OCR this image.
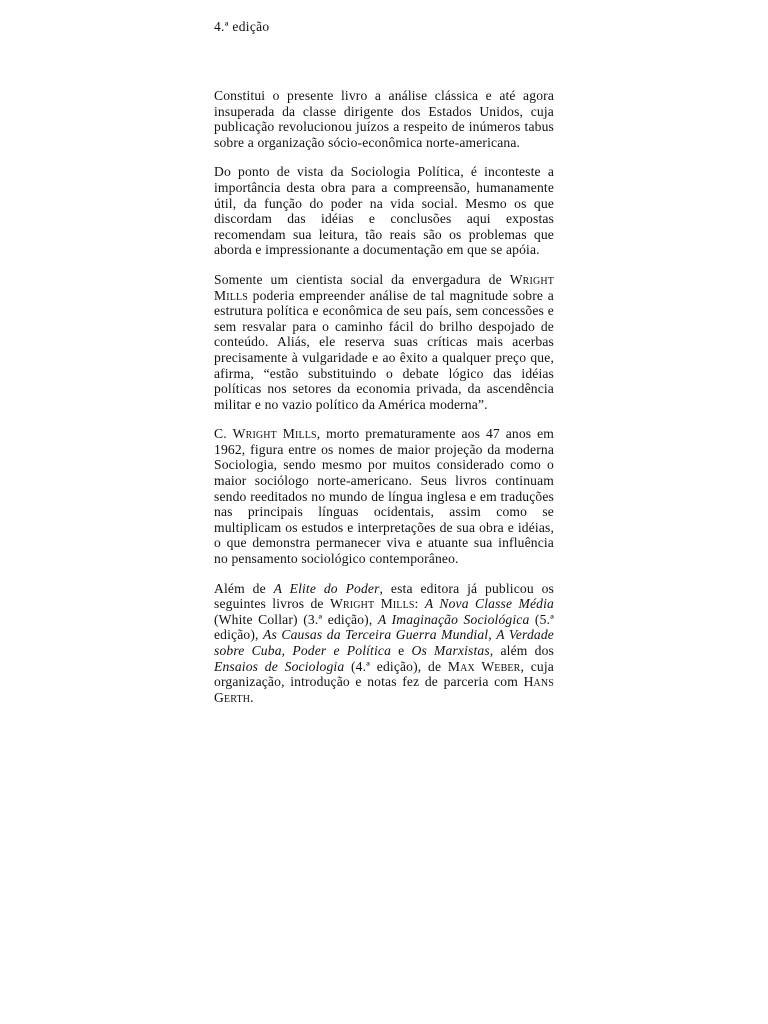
4.ª edição

Constitui o presente livro a análise clássica e até agora insuperada da classe dirigente dos Estados Unidos, cuja publicação revolucionou juízos a respeito de inúmeros tabus sobre a organização sócio-econômica norte-americana.

Do ponto de vista da Sociologia Política, é inconteste a importância desta obra para a compreensão, humanamente útil, da função do poder na vida social. Mesmo os que discordam das idéias e conclusões aqui expostas recomendam sua leitura, tão reais são os problemas que aborda e impressionante a documentação em que se apóia.

Somente um cientista social da envergadura de Wright Mills poderia empreender análise de tal magnitude sobre a estrutura política e econômica de seu país, sem concessões e sem resvalar para o caminho fácil do brilho despojado de conteúdo. Aliás, ele reserva suas críticas mais acerbas precisamente à vulgaridade e ao êxito a qualquer preço que, afirma, “estão substituindo o debate lógico das idéias políticas nos setores da economia privada, da ascendência militar e no vazio político da América moderna”.

C. Wright Mills, morto prematuramente aos 47 anos em 1962, figura entre os nomes de maior projeção da moderna Sociologia, sendo mesmo por muitos considerado como o maior sociólogo norte-americano. Seus livros continuam sendo reeditados no mundo de língua inglesa e em traduções nas principais línguas ocidentais, assim como se multiplicam os estudos e interpretações de sua obra e idéias, o que demonstra permanecer viva e atuante sua influência no pensamento sociológico contemporâneo.

Além de A Elite do Poder, esta editora já publicou os seguintes livros de Wright Mills: A Nova Classe Média (White Collar) (3.ª edição), A Imaginação Sociológica (5.ª edição), As Causas da Terceira Guerra Mundial, A Verdade sobre Cuba, Poder e Política e Os Marxistas, além dos Ensaios de Sociologia (4.ª edição), de Max Weber, cuja organização, introdução e notas fez de parceria com Hans Gerth.
